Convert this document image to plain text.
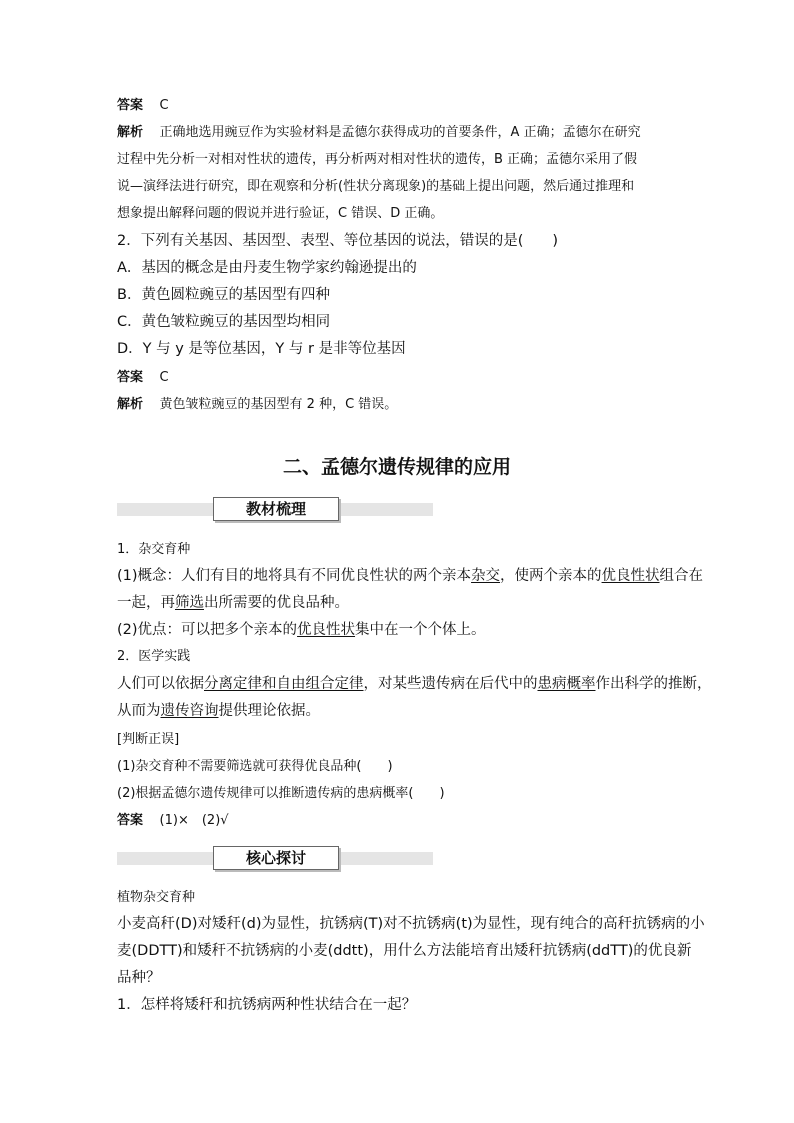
答案 C
解析 正确地选用豌豆作为实验材料是孟德尔获得成功的首要条件，A 正确；孟德尔在研究
过程中先分析一对相对性状的遗传，再分析两对相对性状的遗传，B 正确；孟德尔采用了假
说—演绎法进行研究，即在观察和分析(性状分离现象)的基础上提出问题，然后通过推理和
想象提出解释问题的假说并进行验证，C 错误、D 正确。
2．下列有关基因、基因型、表型、等位基因的说法，错误的是(　　)
A．基因的概念是由丹麦生物学家约翰逊提出的
B．黄色圆粒豌豆的基因型有四种
C．黄色皱粒豌豆的基因型均相同
D．Y 与 y 是等位基因，Y 与 r 是非等位基因
答案 C
解析 黄色皱粒豌豆的基因型有 2 种，C 错误。
二、孟德尔遗传规律的应用
教材梳理
1．杂交育种
(1)概念：人们有目的地将具有不同优良性状的两个亲本杂交，使两个亲本的优良性状组合在
一起，再筛选出所需要的优良品种。
(2)优点：可以把多个亲本的优良性状集中在一个个体上。
2．医学实践
人们可以依据分离定律和自由组合定律，对某些遗传病在后代中的患病概率作出科学的推断，
从而为遗传咨询提供理论依据。
[判断正误]
(1)杂交育种不需要筛选就可获得优良品种(　　)
(2)根据孟德尔遗传规律可以推断遗传病的患病概率(　　)
答案 (1)×　(2)√
核心探讨
植物杂交育种
小麦高秆(D)对矮秆(d)为显性，抗锈病(T)对不抗锈病(t)为显性，现有纯合的高秆抗锈病的小
麦(DDTT)和矮秆不抗锈病的小麦(ddtt)，用什么方法能培育出矮秆抗锈病(ddTT)的优良新
品种？
1．怎样将矮秆和抗锈病两种性状结合在一起？
